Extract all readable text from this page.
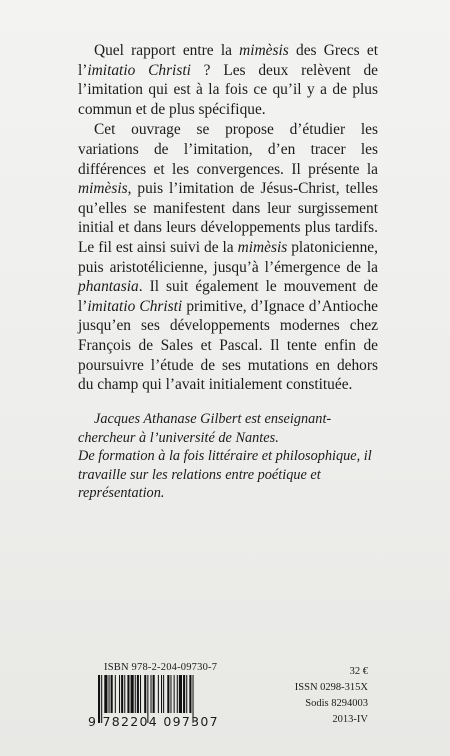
Quel rapport entre la mimèsis des Grecs et l’imitatio Christi ? Les deux relèvent de l’imitation qui est à la fois ce qu’il y a de plus commun et de plus spécifique.

Cet ouvrage se propose d’étudier les variations de l’imitation, d’en tracer les différences et les convergences. Il présente la mimèsis, puis l’imitation de Jésus-Christ, telles qu’elles se manifestent dans leur surgissement initial et dans leurs développements plus tardifs. Le fil est ainsi suivi de la mimèsis platonicienne, puis aristotélicienne, jusqu’à l’émergence de la phantasia. Il suit également le mouvement de l’imitatio Christi primitive, d’Ignace d’Antioche jusqu’en ses développements modernes chez François de Sales et Pascal. Il tente enfin de poursuivre l’étude de ses mutations en dehors du champ qui l’avait initialement constituée.

Jacques Athanase Gilbert est enseignant-chercheur à l’université de Nantes.

De formation à la fois littéraire et philosophique, il travaille sur les relations entre poétique et représentation.

ISBN 978-2-204-09730-7
9 782204 097307
32 €
ISSN 0298-315X
Sodis 8294003
2013-IV
